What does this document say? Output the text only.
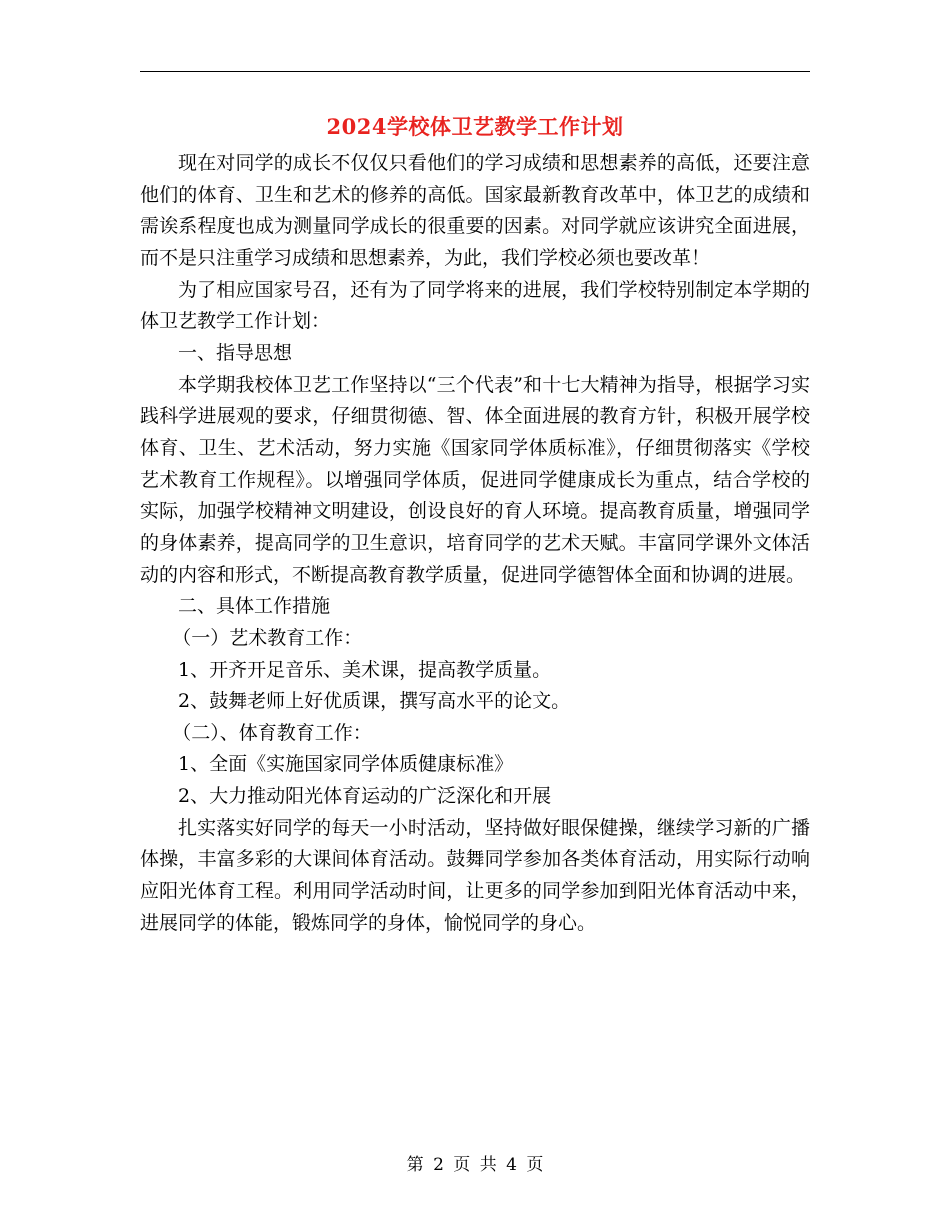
2024学校体卫艺教学工作计划

现在对同学的成长不仅仅只看他们的学习成绩和思想素养的高低，还要注意他们的体育、卫生和艺术的修养的高低。国家最新教育改革中，体卫艺的成绩和需诶系程度也成为测量同学成长的很重要的因素。对同学就应该讲究全面进展，而不是只注重学习成绩和思想素养，为此，我们学校必须也要改革！

为了相应国家号召，还有为了同学将来的进展，我们学校特别制定本学期的体卫艺教学工作计划：

一、指导思想

本学期我校体卫艺工作坚持以“三个代表”和十七大精神为指导，根据学习实践科学进展观的要求，仔细贯彻德、智、体全面进展的教育方针，积极开展学校体育、卫生、艺术活动，努力实施《国家同学体质标准》，仔细贯彻落实《学校艺术教育工作规程》。以增强同学体质，促进同学健康成长为重点，结合学校的实际，加强学校精神文明建设，创设良好的育人环境。提高教育质量，增强同学的身体素养，提高同学的卫生意识，培育同学的艺术天赋。丰富同学课外文体活动的内容和形式，不断提高教育教学质量，促进同学德智体全面和协调的进展。

二、具体工作措施

（一）艺术教育工作：

1、开齐开足音乐、美术课，提高教学质量。

2、鼓舞老师上好优质课，撰写高水平的论文。

（二）、体育教育工作：

1、全面《实施国家同学体质健康标准》

2、大力推动阳光体育运动的广泛深化和开展

扎实落实好同学的每天一小时活动，坚持做好眼保健操，继续学习新的广播体操，丰富多彩的大课间体育活动。鼓舞同学参加各类体育活动，用实际行动响应阳光体育工程。利用同学活动时间，让更多的同学参加到阳光体育活动中来，进展同学的体能，锻炼同学的身体，愉悦同学的身心。

第 2 页 共 4 页
